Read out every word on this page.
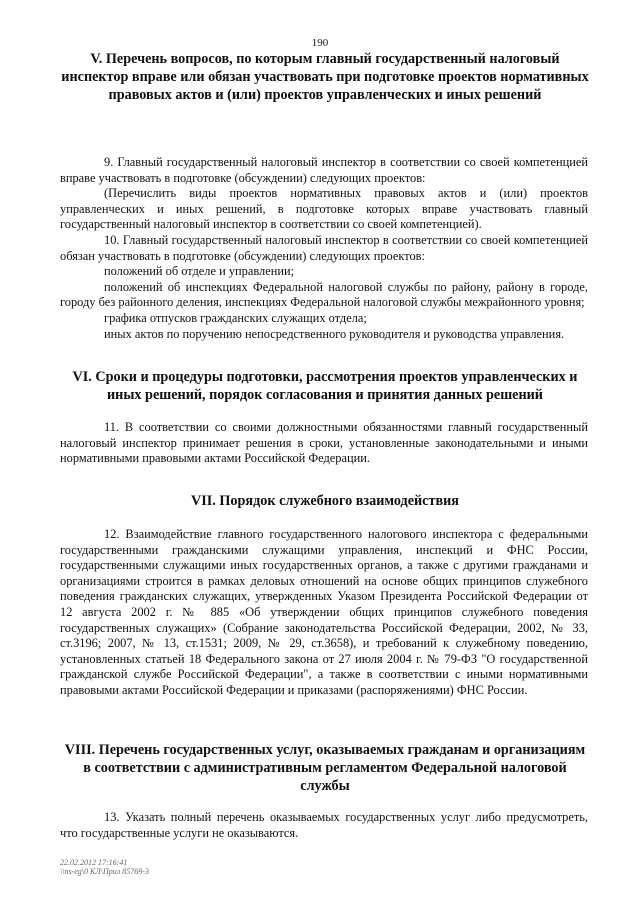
190
V. Перечень вопросов, по которым главный государственный налоговый инспектор вправе или обязан участвовать при подготовке проектов нормативных правовых актов и (или) проектов управленческих и иных решений

9. Главный государственный налоговый инспектор в соответствии со своей компетенцией вправе участвовать в подготовке (обсуждении) следующих проектов:

(Перечислить виды проектов нормативных правовых актов и (или) проектов управленческих и иных решений, в подготовке которых вправе участвовать главный государственный налоговый инспектор в соответствии со своей компетенцией).

10. Главный государственный налоговый инспектор в соответствии со своей компетенцией обязан участвовать в подготовке (обсуждении) следующих проектов:

положений об отделе и управлении;

положений об инспекциях Федеральной налоговой службы по району, району в городе, городу без районного деления, инспекциях Федеральной налоговой службы межрайонного уровня;

графика отпусков гражданских служащих отдела;

иных актов по поручению непосредственного руководителя и руководства управления.

VI. Сроки и процедуры подготовки, рассмотрения проектов управленческих и иных решений, порядок согласования и принятия данных решений

11. В соответствии со своими должностными обязанностями главный государственный налоговый инспектор принимает решения в сроки, установленные законодательными и иными нормативными правовыми актами Российской Федерации.

VII. Порядок служебного взаимодействия

12. Взаимодействие главного государственного налогового инспектора с федеральными государственными гражданскими служащими управления, инспекций и ФНС России, государственными служащими иных государственных органов, а также с другими гражданами и организациями строится в рамках деловых отношений на основе общих принципов служебного поведения гражданских служащих, утвержденных Указом Президента Российской Федерации от 12 августа 2002 г. № 885 «Об утверждении общих принципов служебного поведения государственных служащих» (Собрание законодательства Российской Федерации, 2002, № 33, ст.3196; 2007, № 13, ст.1531; 2009, № 29, ст.3658), и требований к служебному поведению, установленных статьей 18 Федерального закона от 27 июля 2004 г. № 79-ФЗ "О государственной гражданской службе Российской Федерации", а также в соответствии с иными нормативными правовыми актами Российской Федерации и приказами (распоряжениями) ФНС России.

VIII. Перечень государственных услуг, оказываемых гражданам и организациям в соответствии с административным регламентом Федеральной налоговой службы

13. Указать полный перечень оказываемых государственных услуг либо предусмотреть, что государственные услуги не оказываются.

22.02.2012 17:16:41
\\ns-eg\0 КЛ\Прил 85769-3
